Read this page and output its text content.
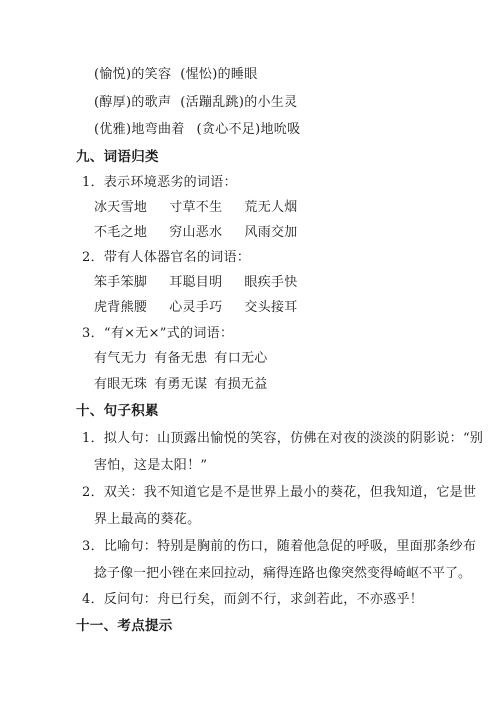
(愉悦)的笑容 (惺忪)的睡眼
(醇厚)的歌声 (活蹦乱跳)的小生灵
(优雅)地弯曲着 (贪心不足)地吮吸
九、词语归类
1．表示环境恶劣的词语：
冰天雪地 寸草不生 荒无人烟
不毛之地 穷山恶水 风雨交加
2．带有人体器官名的词语：
笨手笨脚 耳聪目明 眼疾手快
虎背熊腰 心灵手巧 交头接耳
3．“有×无×”式的词语：
有气无力 有备无患 有口无心
有眼无珠 有勇无谋 有损无益
十、句子积累
1．拟人句：山顶露出愉悦的笑容，仿佛在对夜的淡淡的阴影说：“别
害怕，这是太阳！”
2．双关：我不知道它是不是世界上最小的葵花，但我知道，它是世
界上最高的葵花。
3．比喻句：特别是胸前的伤口，随着他急促的呼吸，里面那条纱布
捻子像一把小锉在来回拉动，痛得连路也像突然变得崎岖不平了。
4．反问句：舟已行矣，而剑不行，求剑若此，不亦惑乎！
十一、考点提示
